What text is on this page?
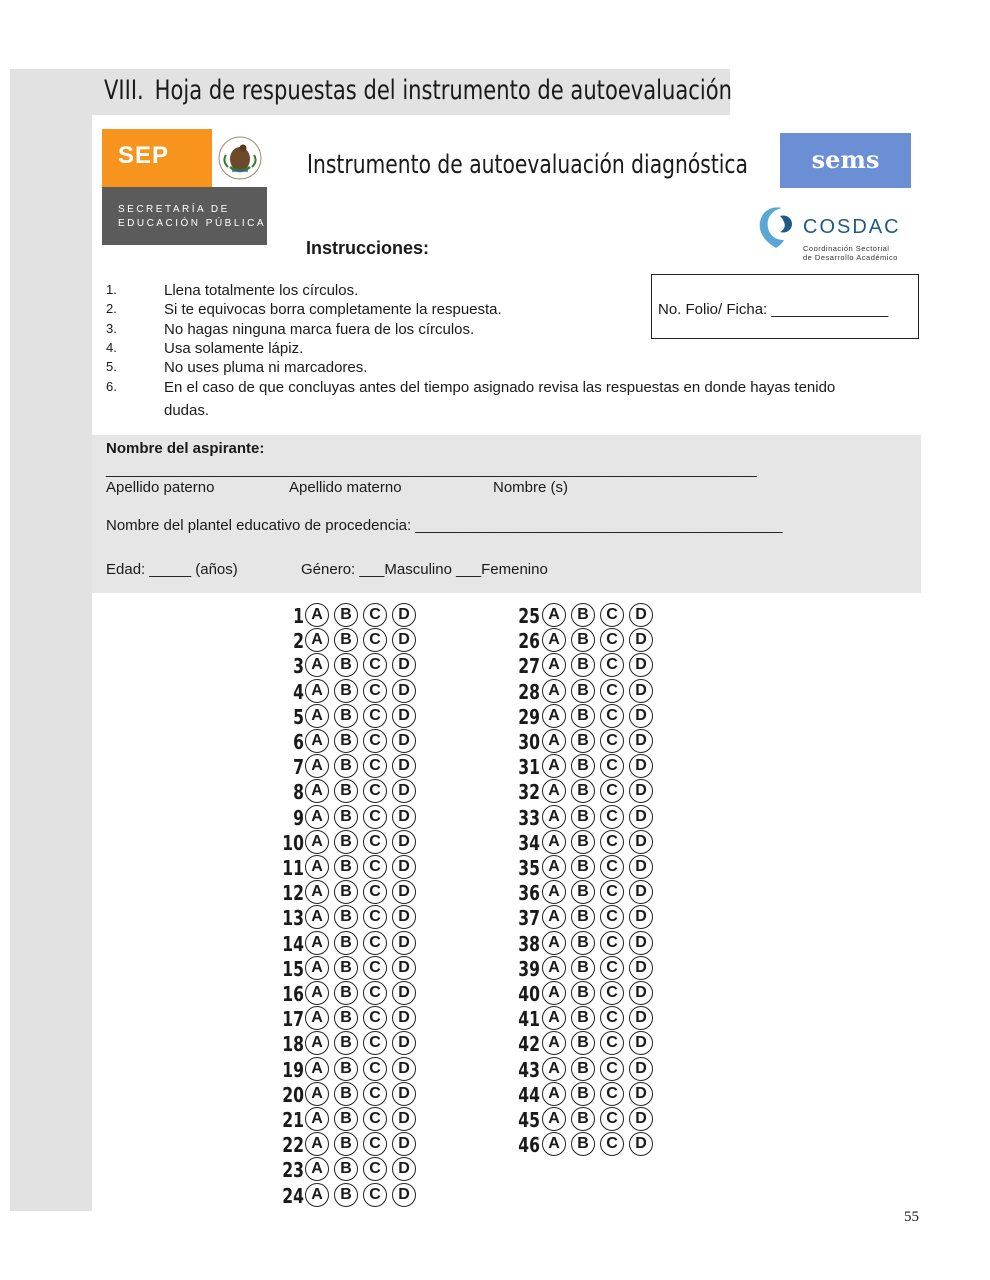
VIII. Hoja de respuestas del instrumento de autoevaluación
SEP
SECRETARÍA DE
EDUCACIÓN PÚBLICA
Instrumento de autoevaluación diagnóstica
Instrucciones:
sems
COSDAC
Coordinación Sectorial
de Desarrollo Académico
1.	Llena totalmente los círculos.
2.	Si te equivocas borra completamente la respuesta.
3.	No hagas ninguna marca fuera de los círculos.
4.	Usa solamente lápiz.
5.	No uses pluma ni marcadores.
6.	En el caso de que concluyas antes del tiempo asignado revisa las respuestas en donde hayas tenido
dudas.
No. Folio/ Ficha: ______________
Nombre del aspirante:
______________________________________________________________________________
Apellido paterno	Apellido materno	Nombre (s)
Nombre del plantel educativo de procedencia: ____________________________________________
Edad: _____ (años)	Género: ___Masculino ___Femenino
1 A	B	C	D
2 A	B	C	D
3 A	B	C	D
4 A	B	C	D
5 A	B	C	D
6 A	B	C	D
7 A	B	C	D
8 A	B	C	D
9 A	B	C	D
10 A	B	C	D
11 A	B	C	D
12 A	B	C	D
13 A	B	C	D
14 A	B	C	D
15 A	B	C	D
16 A	B	C	D
17 A	B	C	D
18 A	B	C	D
19 A	B	C	D
20 A	B	C	D
21 A	B	C	D
22 A	B	C	D
23 A	B	C	D
24 A	B	C	D
25 A	B	C	D
26 A	B	C	D
27 A	B	C	D
28 A	B	C	D
29 A	B	C	D
30 A	B	C	D
31 A	B	C	D
32 A	B	C	D
33 A	B	C	D
34 A	B	C	D
35 A	B	C	D
36 A	B	C	D
37 A	B	C	D
38 A	B	C	D
39 A	B	C	D
40 A	B	C	D
41 A	B	C	D
42 A	B	C	D
43 A	B	C	D
44 A	B	C	D
45 A	B	C	D
46 A	B	C	D
55
